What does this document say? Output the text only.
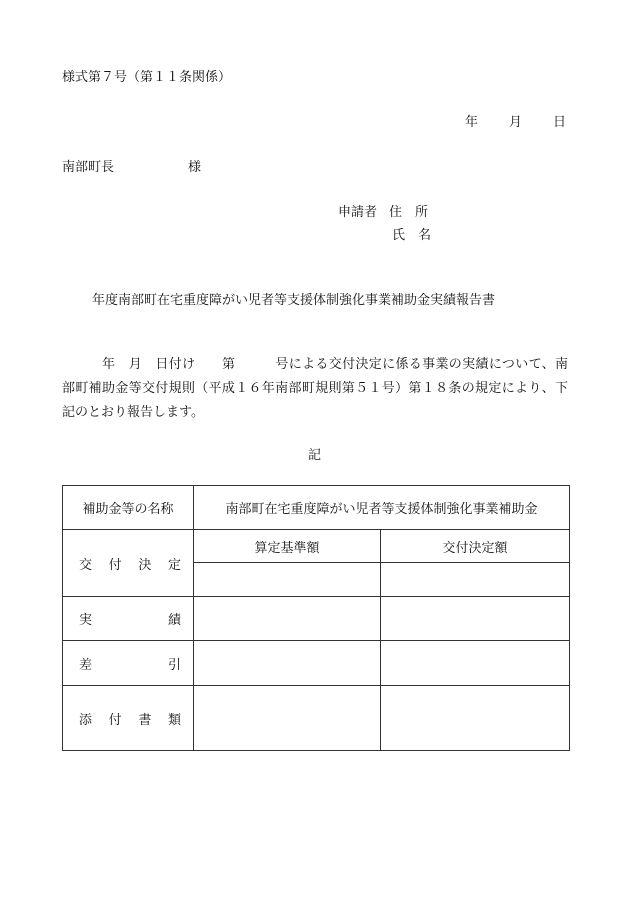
様式第７号（第１１条関係）
年 月 日
南部町長	様
申請者 住　所
氏　名
年度南部町在宅重度障がい児者等支援体制強化事業補助金実績報告書
　　　年　月　日付け　　第　　　号による交付決定に係る事業の実績について、南部町補助金等交付規則（平成１６年南部町規則第５１号）第１８条の規定により、下記のとおり報告します。
記
補助金等の名称	南部町在宅重度障がい児者等支援体制強化事業補助金	

交 付 決 定	算定基準額	交付決定額

実 績		

差 引		

添 付 書 類		
